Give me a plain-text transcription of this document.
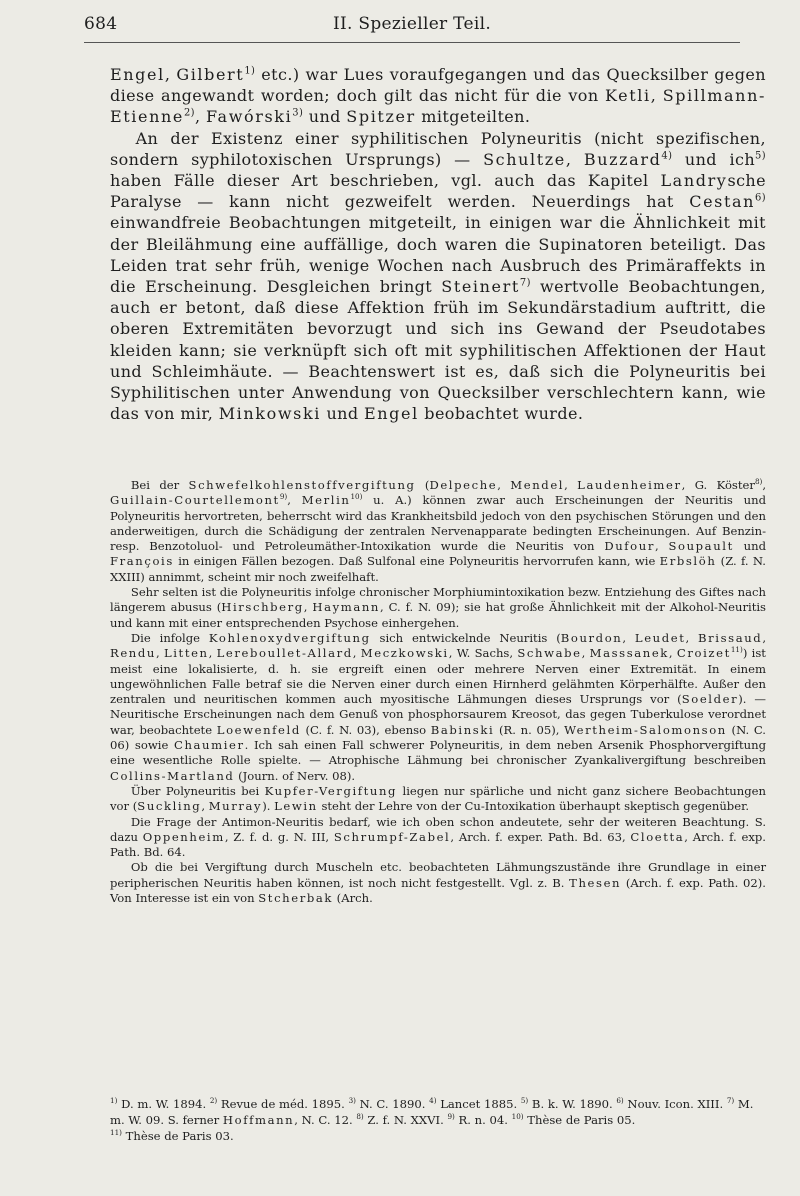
684	II. Spezieller Teil.

Engel, Gilbert$^{1)}$ etc.) war Lues voraufgegangen und das Quecksilber gegen diese angewandt worden; doch gilt das nicht für die von Ketli, Spillmann-Etienne$^{2)}$, Fawórski$^{3)}$ und Spitzer mitgeteilten.

An der Existenz einer syphilitischen Polyneuritis (nicht spezifischen, sondern syphilotoxischen Ursprungs) — Schultze, Buzzard$^{4)}$ und ich$^{5)}$ haben Fälle dieser Art beschrieben, vgl. auch das Kapitel Landrysche Paralyse — kann nicht gezweifelt werden. Neuerdings hat Cestan$^{6)}$ einwandfreie Beobachtungen mitgeteilt, in einigen war die Ähnlichkeit mit der Bleilähmung eine auffällige, doch waren die Supinatoren beteiligt. Das Leiden trat sehr früh, wenige Wochen nach Ausbruch des Primäraffekts in die Erscheinung. Desgleichen bringt Steinert$^{7)}$ wertvolle Beobachtungen, auch er betont, daß diese Affektion früh im Sekundärstadium auftritt, die oberen Extremitäten bevorzugt und sich ins Gewand der Pseudotabes kleiden kann; sie verknüpft sich oft mit syphilitischen Affektionen der Haut und Schleimhäute. — Beachtenswert ist es, daß sich die Polyneuritis bei Syphilitischen unter Anwendung von Quecksilber verschlechtern kann, wie das von mir, Minkowski und Engel beobachtet wurde.

Bei der Schwefelkohlenstoffvergiftung (Delpeche, Mendel, Laudenheimer, G. Köster$^{8)}$, Guillain-Courtellemont$^{9)}$, Merlin$^{10)}$ u. A.) können zwar auch Erscheinungen der Neuritis und Polyneuritis hervortreten, beherrscht wird das Krankheitsbild jedoch von den psychischen Störungen und den anderweitigen, durch die Schädigung der zentralen Nervenapparate bedingten Erscheinungen. Auf Benzin- resp. Benzotoluol- und Petroleumäther-Intoxikation wurde die Neuritis von Dufour, Soupault und François in einigen Fällen bezogen. Daß Sulfonal eine Polyneuritis hervorrufen kann, wie Erbslöh (Z. f. N. XXIII) annimmt, scheint mir noch zweifelhaft.

Sehr selten ist die Polyneuritis infolge chronischer Morphiumintoxikation bezw. Entziehung des Giftes nach längerem abusus (Hirschberg, Haymann, C. f. N. 09); sie hat große Ähnlichkeit mit der Alkohol-Neuritis und kann mit einer entsprechenden Psychose einhergehen.

Die infolge Kohlenoxydvergiftung sich entwickelnde Neuritis (Bourdon, Leudet, Brissaud, Rendu, Litten, Lereboullet-Allard, Meczkowski, W. Sachs, Schwabe, Masssanek, Croizet$^{11)}$) ist meist eine lokalisierte, d. h. sie ergreift einen oder mehrere Nerven einer Extremität. In einem ungewöhnlichen Falle betraf sie die Nerven einer durch einen Hirnherd gelähmten Körperhälfte. Außer den zentralen und neuritischen kommen auch myositische Lähmungen dieses Ursprungs vor (Soelder). — Neuritische Erscheinungen nach dem Genuß von phosphorsaurem Kreosot, das gegen Tuberkulose verordnet war, beobachtete Loewenfeld (C. f. N. 03), ebenso Babinski (R. n. 05), Wertheim-Salomonson (N. C. 06) sowie Chaumier. Ich sah einen Fall schwerer Polyneuritis, in dem neben Arsenik Phosphorvergiftung eine wesentliche Rolle spielte. — Atrophische Lähmung bei chronischer Zyankalivergiftung beschreiben Collins-Martland (Journ. of Nerv. 08).

Über Polyneuritis bei Kupfer-Vergiftung liegen nur spärliche und nicht ganz sichere Beobachtungen vor (Suckling, Murray). Lewin steht der Lehre von der Cu-Intoxikation überhaupt skeptisch gegenüber.

Die Frage der Antimon-Neuritis bedarf, wie ich oben schon andeutete, sehr der weiteren Beachtung. S. dazu Oppenheim, Z. f. d. g. N. III, Schrumpf-Zabel, Arch. f. exper. Path. Bd. 63, Cloetta, Arch. f. exp. Path. Bd. 64.

Ob die bei Vergiftung durch Muscheln etc. beobachteten Lähmungszustände ihre Grundlage in einer peripherischen Neuritis haben können, ist noch nicht festgestellt. Vgl. z. B. Thesen (Arch. f. exp. Path. 02). Von Interesse ist ein von Stcherbak (Arch.

$^{1)}$ D. m. W. 1894. $^{2)}$ Revue de méd. 1895. $^{3)}$ N. C. 1890. $^{4)}$ Lancet 1885. $^{5)}$ B. k. W. 1890. $^{6)}$ Nouv. Icon. XIII. $^{7)}$ M. m. W. 09. S. ferner Hoffmann, N. C. 12. $^{8)}$ Z. f. N. XXVI. $^{9)}$ R. n. 04. $^{10)}$ Thèse de Paris 05.

$^{11)}$ Thèse de Paris 03.
